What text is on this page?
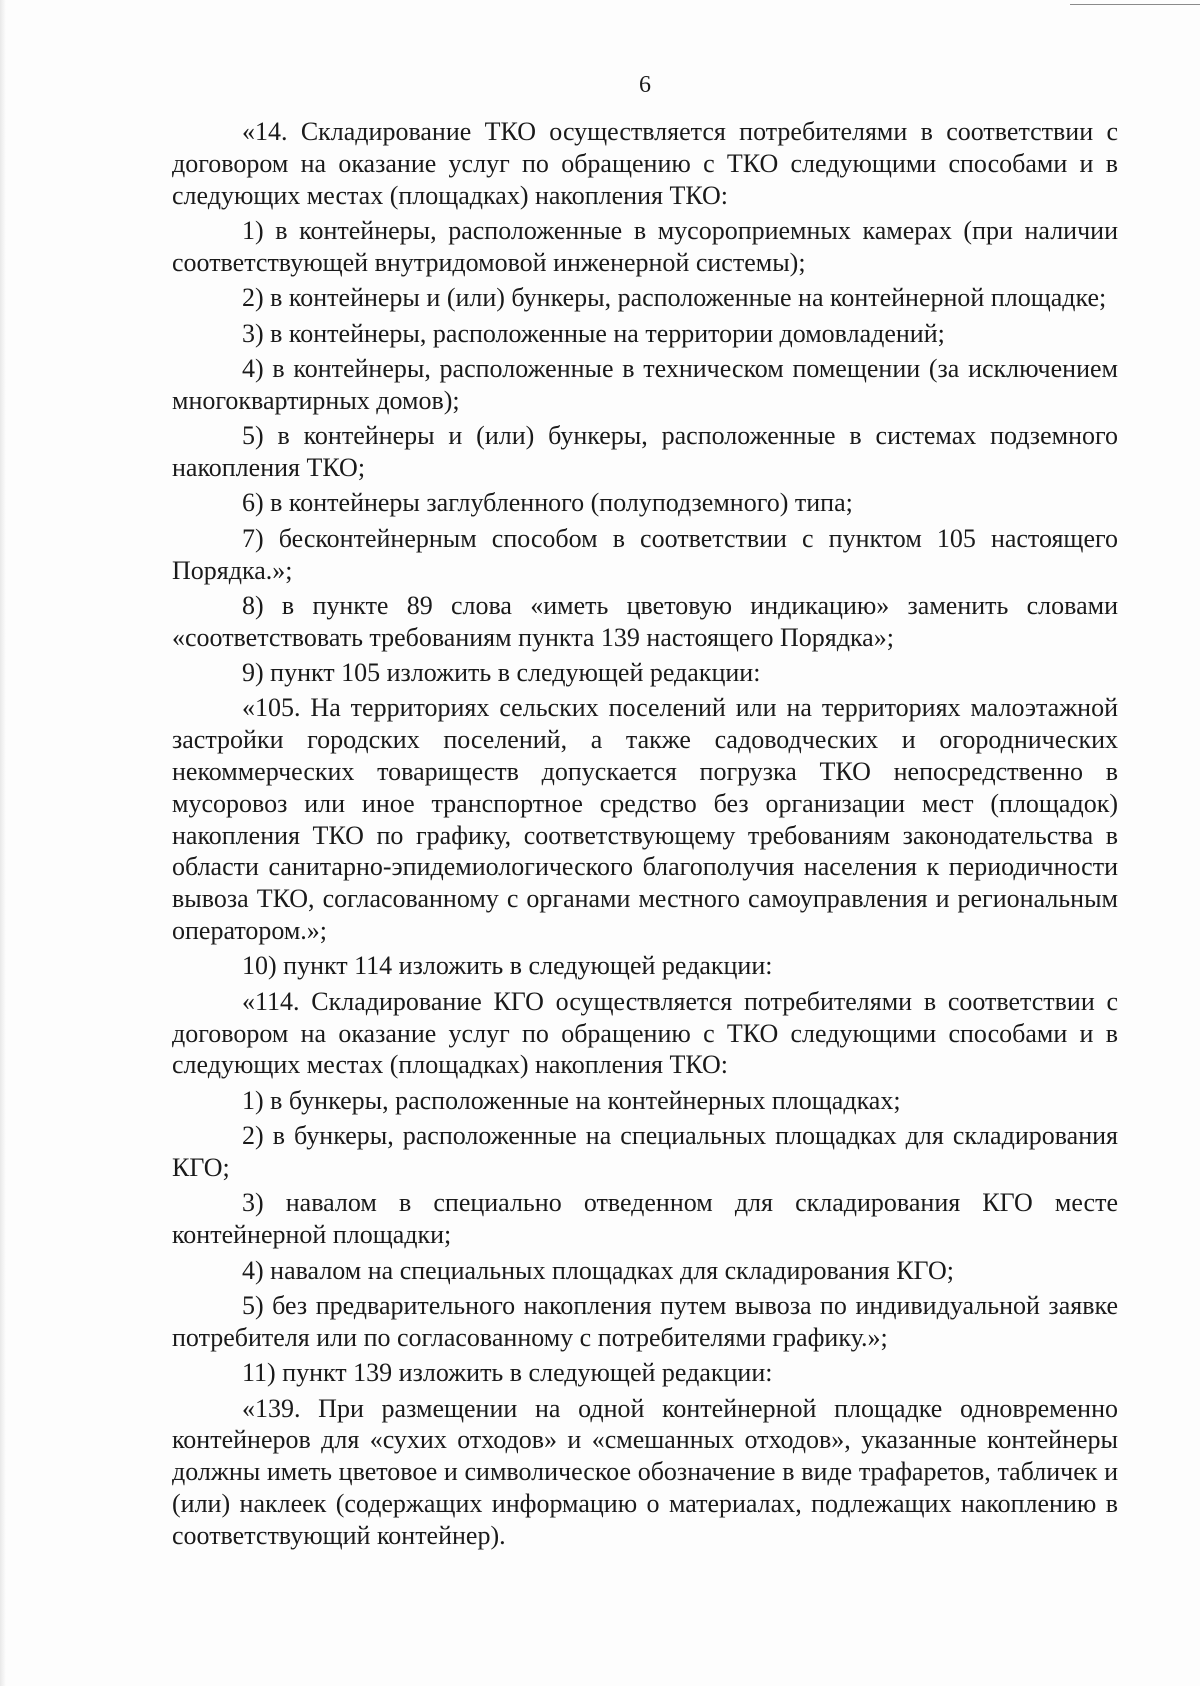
6

«14. Складирование ТКО осуществляется потребителями в соответствии с договором на оказание услуг по обращению с ТКО следующими способами и в следующих местах (площадках) накопления ТКО:

1) в контейнеры, расположенные в мусороприемных камерах (при наличии соответствующей внутридомовой инженерной системы);

2) в контейнеры и (или) бункеры, расположенные на контейнерной площадке;

3) в контейнеры, расположенные на территории домовладений;

4) в контейнеры, расположенные в техническом помещении (за исключением многоквартирных домов);

5) в контейнеры и (или) бункеры, расположенные в системах подземного накопления ТКО;

6) в контейнеры заглубленного (полуподземного) типа;

7) бесконтейнерным способом в соответствии с пунктом 105 настоящего Порядка.»;

8) в пункте 89 слова «иметь цветовую индикацию» заменить словами «соответствовать требованиям пункта 139 настоящего Порядка»;

9) пункт 105 изложить в следующей редакции:

«105. На территориях сельских поселений или на территориях малоэтажной застройки городских поселений, а также садоводческих и огороднических некоммерческих товариществ допускается погрузка ТКО непосредственно в мусоровоз или иное транспортное средство без организации мест (площадок) накопления ТКО по графику, соответствующему требованиям законодательства в области санитарно-эпидемиологического благополучия населения к периодичности вывоза ТКО, согласованному с органами местного самоуправления и региональным оператором.»;

10) пункт 114 изложить в следующей редакции:

«114. Складирование КГО осуществляется потребителями в соответствии с договором на оказание услуг по обращению с ТКО следующими способами и в следующих местах (площадках) накопления ТКО:

1) в бункеры, расположенные на контейнерных площадках;

2) в бункеры, расположенные на специальных площадках для складирования КГО;

3) навалом в специально отведенном для складирования КГО месте контейнерной площадки;

4) навалом на специальных площадках для складирования КГО;

5) без предварительного накопления путем вывоза по индивидуальной заявке потребителя или по согласованному с потребителями графику.»;

11) пункт 139 изложить в следующей редакции:

«139. При размещении на одной контейнерной площадке одновременно контейнеров для «сухих отходов» и «смешанных отходов», указанные контейнеры должны иметь цветовое и символическое обозначение в виде трафаретов, табличек и (или) наклеек (содержащих информацию о материалах, подлежащих накоплению в соответствующий контейнер).
